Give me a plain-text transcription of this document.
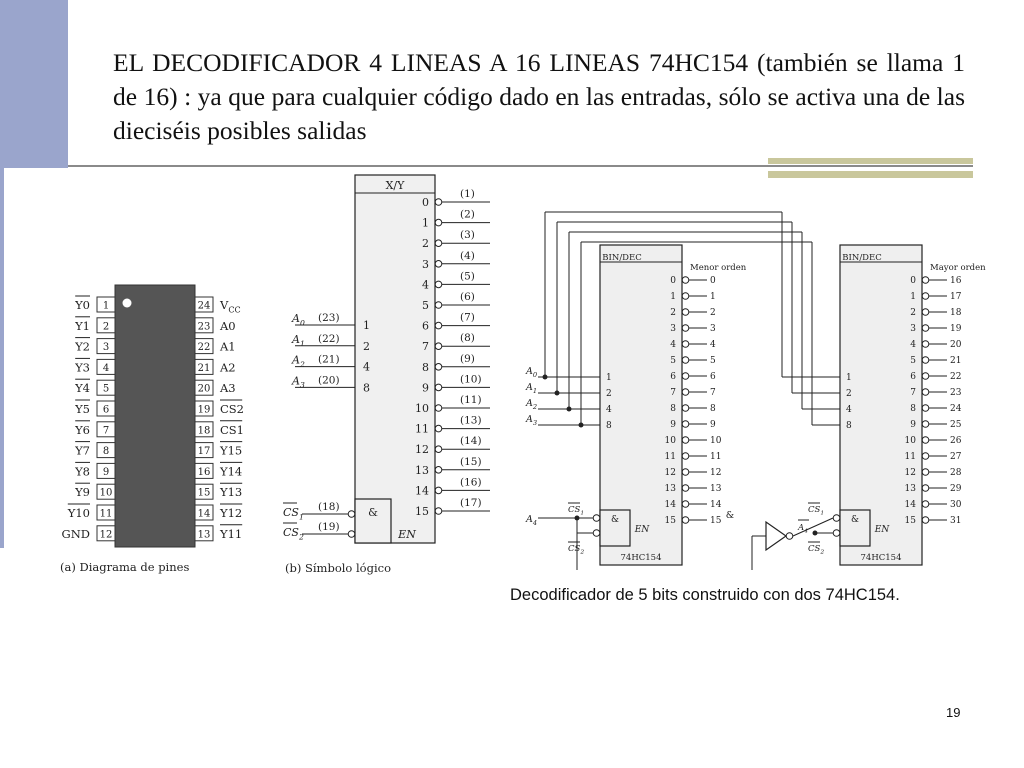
EL DECODIFICADOR 4 LINEAS A 16 LINEAS 74HC154 (también se llama 1 de 16) : ya que para cualquier código dado en las entradas, sólo se activa una de las dieciséis posibles salidas
1
Y0
2
Y1
3
Y2
4
Y3
5
Y4
6
Y5
7
Y6
8
Y7
9
Y8
10
Y9
11
Y10
12
GND
24 $V_{CC}$
23 A0
22 A1
21 A2
20 A3
19 CS2
18 CS1
17 Y15
16 Y14
15 Y13
14 Y12
13 Y11
(a) Diagrama de pines
X/Y
0
(1)
1
(2)
2
(3)
3
(4)
4
(5)
5
(6)
6
(7)
7
(8)
8
(9)
9
(10)
10
(11)
11
(13)
12
(14)
13
(15)
14
(16)
15
(17)
$A_0$ (23)
1
$A_1$ (22)
2
$A_2$ (21)
4
$A_3$ (20)
8
&
EN
$CS_1$
(18)
$CS_2$
(19)
(b) Símbolo lógico
BIN/DEC
Menor orden
0	0
1	1
2	2
3	3
4	4
5	5
6	6
7	7
8	8
9	9
10	10
11	11
12	12
13	13
14	14
15	15
1
2
4
8
&
EN
74HC154
$CS_1$
$CS_2$
BIN/DEC
Mayor orden
0	16
1	17
2	18
3	19
4	20
5	21
6	22
7	23
8	24
9	25
10	26
11	27
12	28
13	29
14	30
15	31
1
2
4
8
&
EN
74HC154
$CS_1$
$CS_2$
$A_0$
$A_1$
$A_2$
$A_3$
$A_4$
&
$A_4$
Decodificador de 5 bits construido con dos 74HC154.
19
